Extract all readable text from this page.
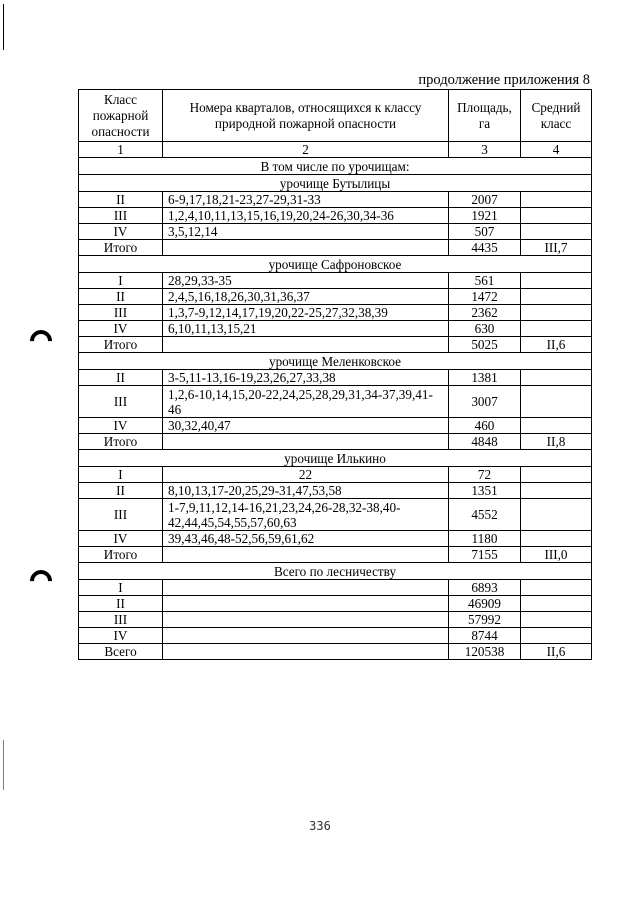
продолжение приложения 8
Класс пожарной опасности	Номера кварталов, относящихся к классу природной пожарной опасности	Площадь, га	Средний класс
1	2	3	4
В том числе по урочищам:			
урочище Бутылицы			
II	6-9,17,18,21-23,27-29,31-33	2007	
III	1,2,4,10,11,13,15,16,19,20,24-26,30,34-36	1921	
IV	3,5,12,14	507	
Итого		4435	III,7
урочище Сафроновское			
I	28,29,33-35	561	
II	2,4,5,16,18,26,30,31,36,37	1472	
III	1,3,7-9,12,14,17,19,20,22-25,27,32,38,39	2362	
IV	6,10,11,13,15,21	630	
Итого		5025	II,6
урочище Меленковское			
II	3-5,11-13,16-19,23,26,27,33,38	1381	
III	1,2,6-10,14,15,20-22,24,25,28,29,31,34-37,39,41-46	3007	
IV	30,32,40,47	460	
Итого		4848	II,8
урочище Илькино			
I	22	72	
II	8,10,13,17-20,25,29-31,47,53,58	1351	
III	1-7,9,11,12,14-16,21,23,24,26-28,32-38,40-42,44,45,54,55,57,60,63	4552	
IV	39,43,46,48-52,56,59,61,62	1180	
Итого		7155	III,0
Всего по лесничеству			
I		6893	
II		46909	
III		57992	
IV		8744	
Всего		120538	II,6
336
